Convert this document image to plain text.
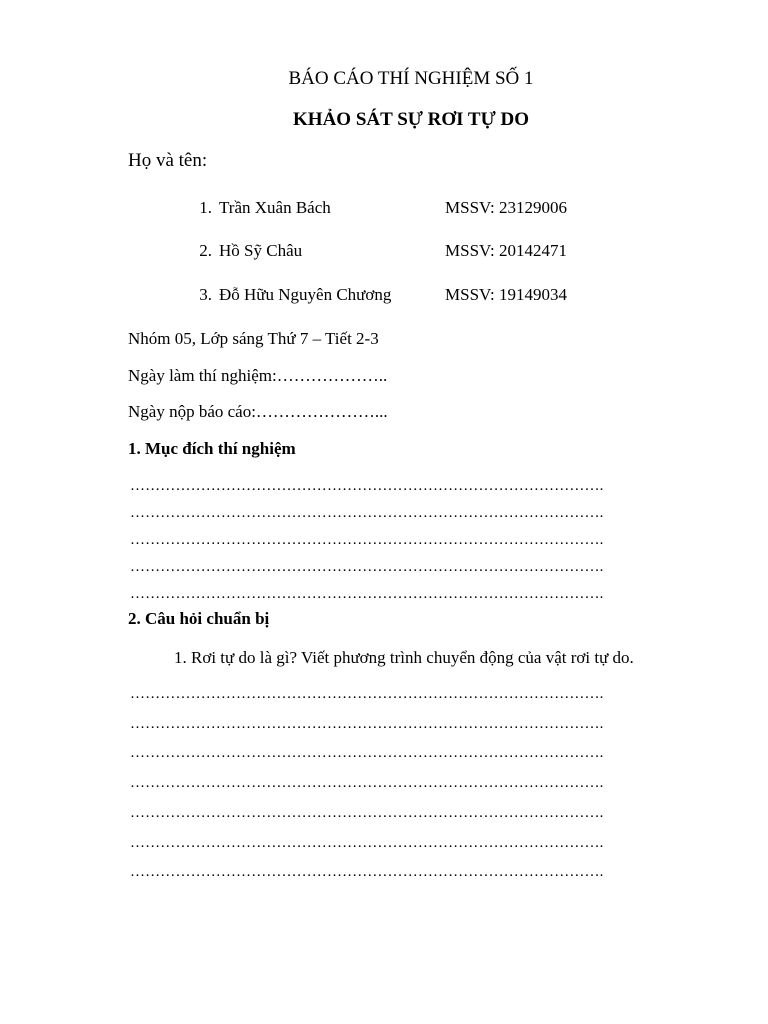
BÁO CÁO THÍ NGHIỆM SỐ 1
KHẢO SÁT SỰ RƠI TỰ DO
Họ và tên:
1. Trần Xuân Bách	MSSV: 23129006
2. Hồ Sỹ Châu	MSSV: 20142471
3. Đỗ Hữu Nguyên Chương	MSSV: 19149034
Nhóm 05, Lớp sáng Thứ 7 – Tiết 2-3
Ngày làm thí nghiệm:………………..
Ngày nộp báo cáo:…………………...
1. Mục đích thí nghiệm
………………………………………………………………………………….
………………………………………………………………………………….
………………………………………………………………………………….
………………………………………………………………………………….
………………………………………………………………………………….
2. Câu hỏi chuẩn bị
1. Rơi tự do là gì? Viết phương trình chuyển động của vật rơi tự do.
………………………………………………………………………………….
………………………………………………………………………………….
………………………………………………………………………………….
………………………………………………………………………………….
………………………………………………………………………………….
………………………………………………………………………………….
………………………………………………………………………………….
